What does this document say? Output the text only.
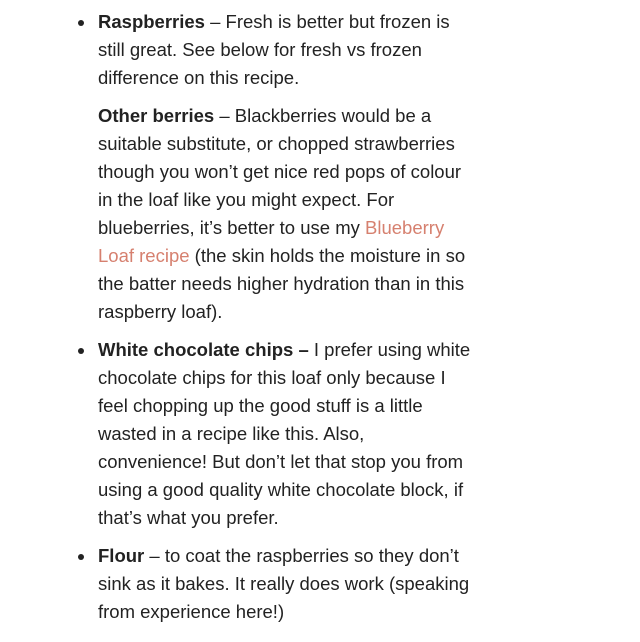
Raspberries – Fresh is better but frozen is still great. See below for fresh vs frozen difference on this recipe.

Other berries – Blackberries would be a suitable substitute, or chopped strawberries though you won’t get nice red pops of colour in the loaf like you might expect. For blueberries, it’s better to use my Blueberry Loaf recipe (the skin holds the moisture in so the batter needs higher hydration than in this raspberry loaf).

White chocolate chips – I prefer using white chocolate chips for this loaf only because I feel chopping up the good stuff is a little wasted in a recipe like this. Also, convenience! But don’t let that stop you from using a good quality white chocolate block, if that’s what you prefer.

Flour – to coat the raspberries so they don’t sink as it bakes. It really does work (speaking from experience here!)
